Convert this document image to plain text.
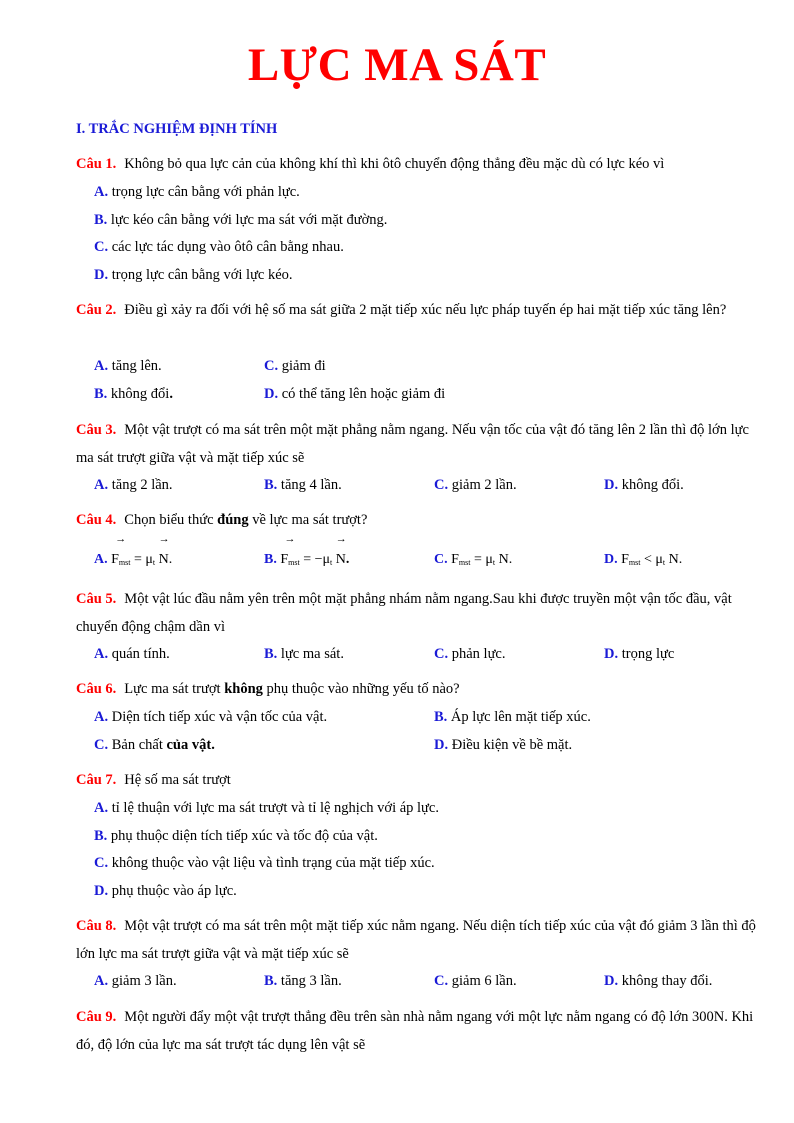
LỰC MA SÁT
I. TRẮC NGHIỆM ĐỊNH TÍNH
Câu 1. Không bỏ qua lực cản của không khí thì khi ôtô chuyển động thẳng đều mặc dù có lực kéo vì
A. trọng lực cân bằng với phản lực.
B. lực kéo cân bằng với lực ma sát với mặt đường.
C. các lực tác dụng vào ôtô cân bằng nhau.
D. trọng lực cân bằng với lực kéo.
Câu 2. Điều gì xảy ra đối với hệ số ma sát giữa 2 mặt tiếp xúc nếu lực pháp tuyến ép hai mặt tiếp xúc tăng lên?
A. tăng lên.	C. giảm đi
B. không đổi.	D. có thể tăng lên hoặc giảm đi
Câu 3. Một vật trượt có ma sát trên một mặt phẳng nằm ngang. Nếu vận tốc của vật đó tăng lên 2 lần thì độ lớn lực ma sát trượt giữa vật và mặt tiếp xúc sẽ
A. tăng 2 lần.	B. tăng 4 lần.	C. giảm 2 lần.	D. không đổi.
Câu 4. Chọn biểu thức đúng về lực ma sát trượt?
A. → $F_{mst} = \mu_t \to N$.	B. → $F_{mst} = -\mu_t \to N$.	C. $F_{mst} = \mu_t$ N.	D. $F_{mst} < \mu_t$ N.
Câu 5. Một vật lúc đầu nằm yên trên một mặt phẳng nhám nằm ngang.Sau khi được truyền một vận tốc đầu, vật chuyển động chậm dần vì
A. quán tính.	B. lực ma sát.	C. phản lực.	D. trọng lực
Câu 6. Lực ma sát trượt không phụ thuộc vào những yếu tố nào?
A. Diện tích tiếp xúc và vận tốc của vật.	B. Áp lực lên mặt tiếp xúc.
C. Bản chất của vật.	D. Điều kiện về bề mặt.
Câu 7. Hệ số ma sát trượt
A. tỉ lệ thuận với lực ma sát trượt và tỉ lệ nghịch với áp lực.
B. phụ thuộc diện tích tiếp xúc và tốc độ của vật.
C. không thuộc vào vật liệu và tình trạng của mặt tiếp xúc.
D. phụ thuộc vào áp lực.
Câu 8. Một vật trượt có ma sát trên một mặt tiếp xúc nằm ngang. Nếu diện tích tiếp xúc của vật đó giảm 3 lần thì độ lớn lực ma sát trượt giữa vật và mặt tiếp xúc sẽ
A. giảm 3 lần.	B. tăng 3 lần.	C. giảm 6 lần.	D. không thay đổi.
Câu 9. Một người đẩy một vật trượt thẳng đều trên sàn nhà nằm ngang với một lực nằm ngang có độ lớn 300N. Khi đó, độ lớn của lực ma sát trượt tác dụng lên vật sẽ
